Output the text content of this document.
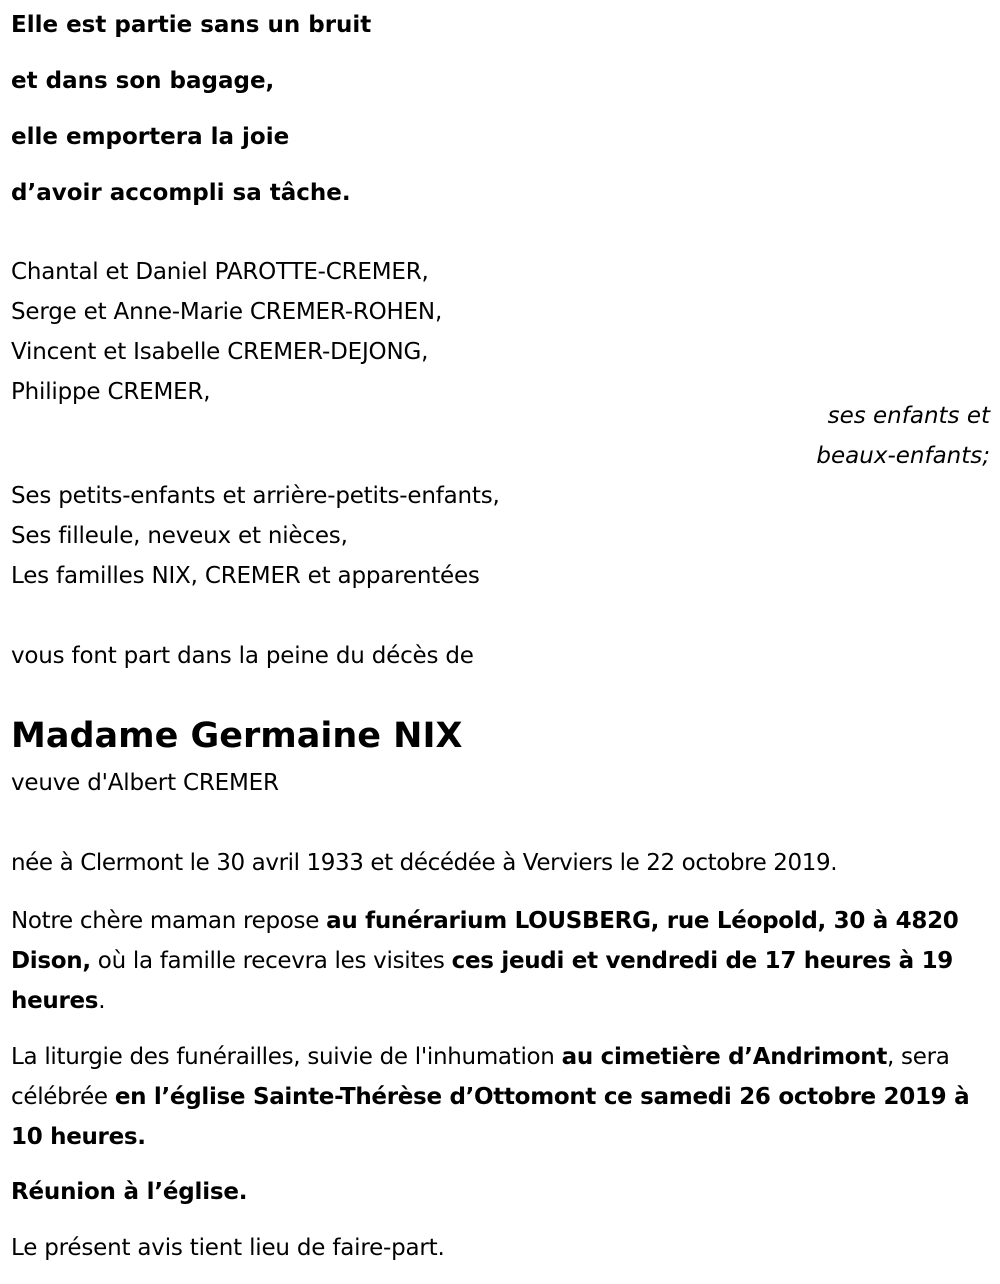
Elle est partie sans un bruit
et dans son bagage,
elle emportera la joie
d’avoir accompli sa tâche.
Chantal et Daniel PAROTTE-CREMER,
Serge et Anne-Marie CREMER-ROHEN,
Vincent et Isabelle CREMER-DEJONG,
Philippe CREMER,
ses enfants et
beaux-enfants;
Ses petits-enfants et arrière-petits-enfants,
Ses filleule, neveux et nièces,
Les familles NIX, CREMER et apparentées
vous font part dans la peine du décès de
Madame Germaine NIX
veuve d'Albert CREMER
née à Clermont le 30 avril 1933 et décédée à Verviers le 22 octobre 2019.
Notre chère maman repose au funérarium LOUSBERG, rue Léopold, 30 à 4820 Dison, où la famille recevra les visites ces jeudi et vendredi de 17 heures à 19 heures.
La liturgie des funérailles, suivie de l'inhumation au cimetière d’Andrimont, sera célébrée en l’église Sainte-Thérèse d’Ottomont ce samedi 26 octobre 2019 à 10 heures.
Réunion à l’église.
Le présent avis tient lieu de faire-part.
